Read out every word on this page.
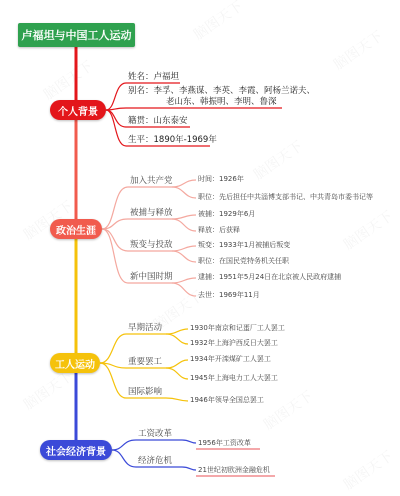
卢福坦与中国工人运动
个人背景
政治生涯
工人运动
社会经济背景
姓名：卢福坦
别名：李孚、李燕谋、李英、李霞、阿杨兰诺夫、
老山东、韩振明、李明、鲁深
籍贯：山东泰安
生平：1890年-1969年
加入共产党
被捕与释放
叛变与投敌
新中国时期
时间：1926年
职位：先后担任中共淄博支部书记、中共青岛市委书记等
被捕：1929年6月
释放：后获释
叛变：1933年1月被捕后叛变
职位：在国民党特务机关任职
逮捕：1951年5月24日在北京被人民政府逮捕
去世：1969年11月
早期活动
重要罢工
国际影响
1930年南京和记蛋厂工人罢工
1932年上海沪西反日大罢工
1934年开滦煤矿工人罢工
1945年上海电力工人大罢工
1946年领导全国总罢工
工资改革
经济危机
1956年工资改革
21世纪初欧洲金融危机
